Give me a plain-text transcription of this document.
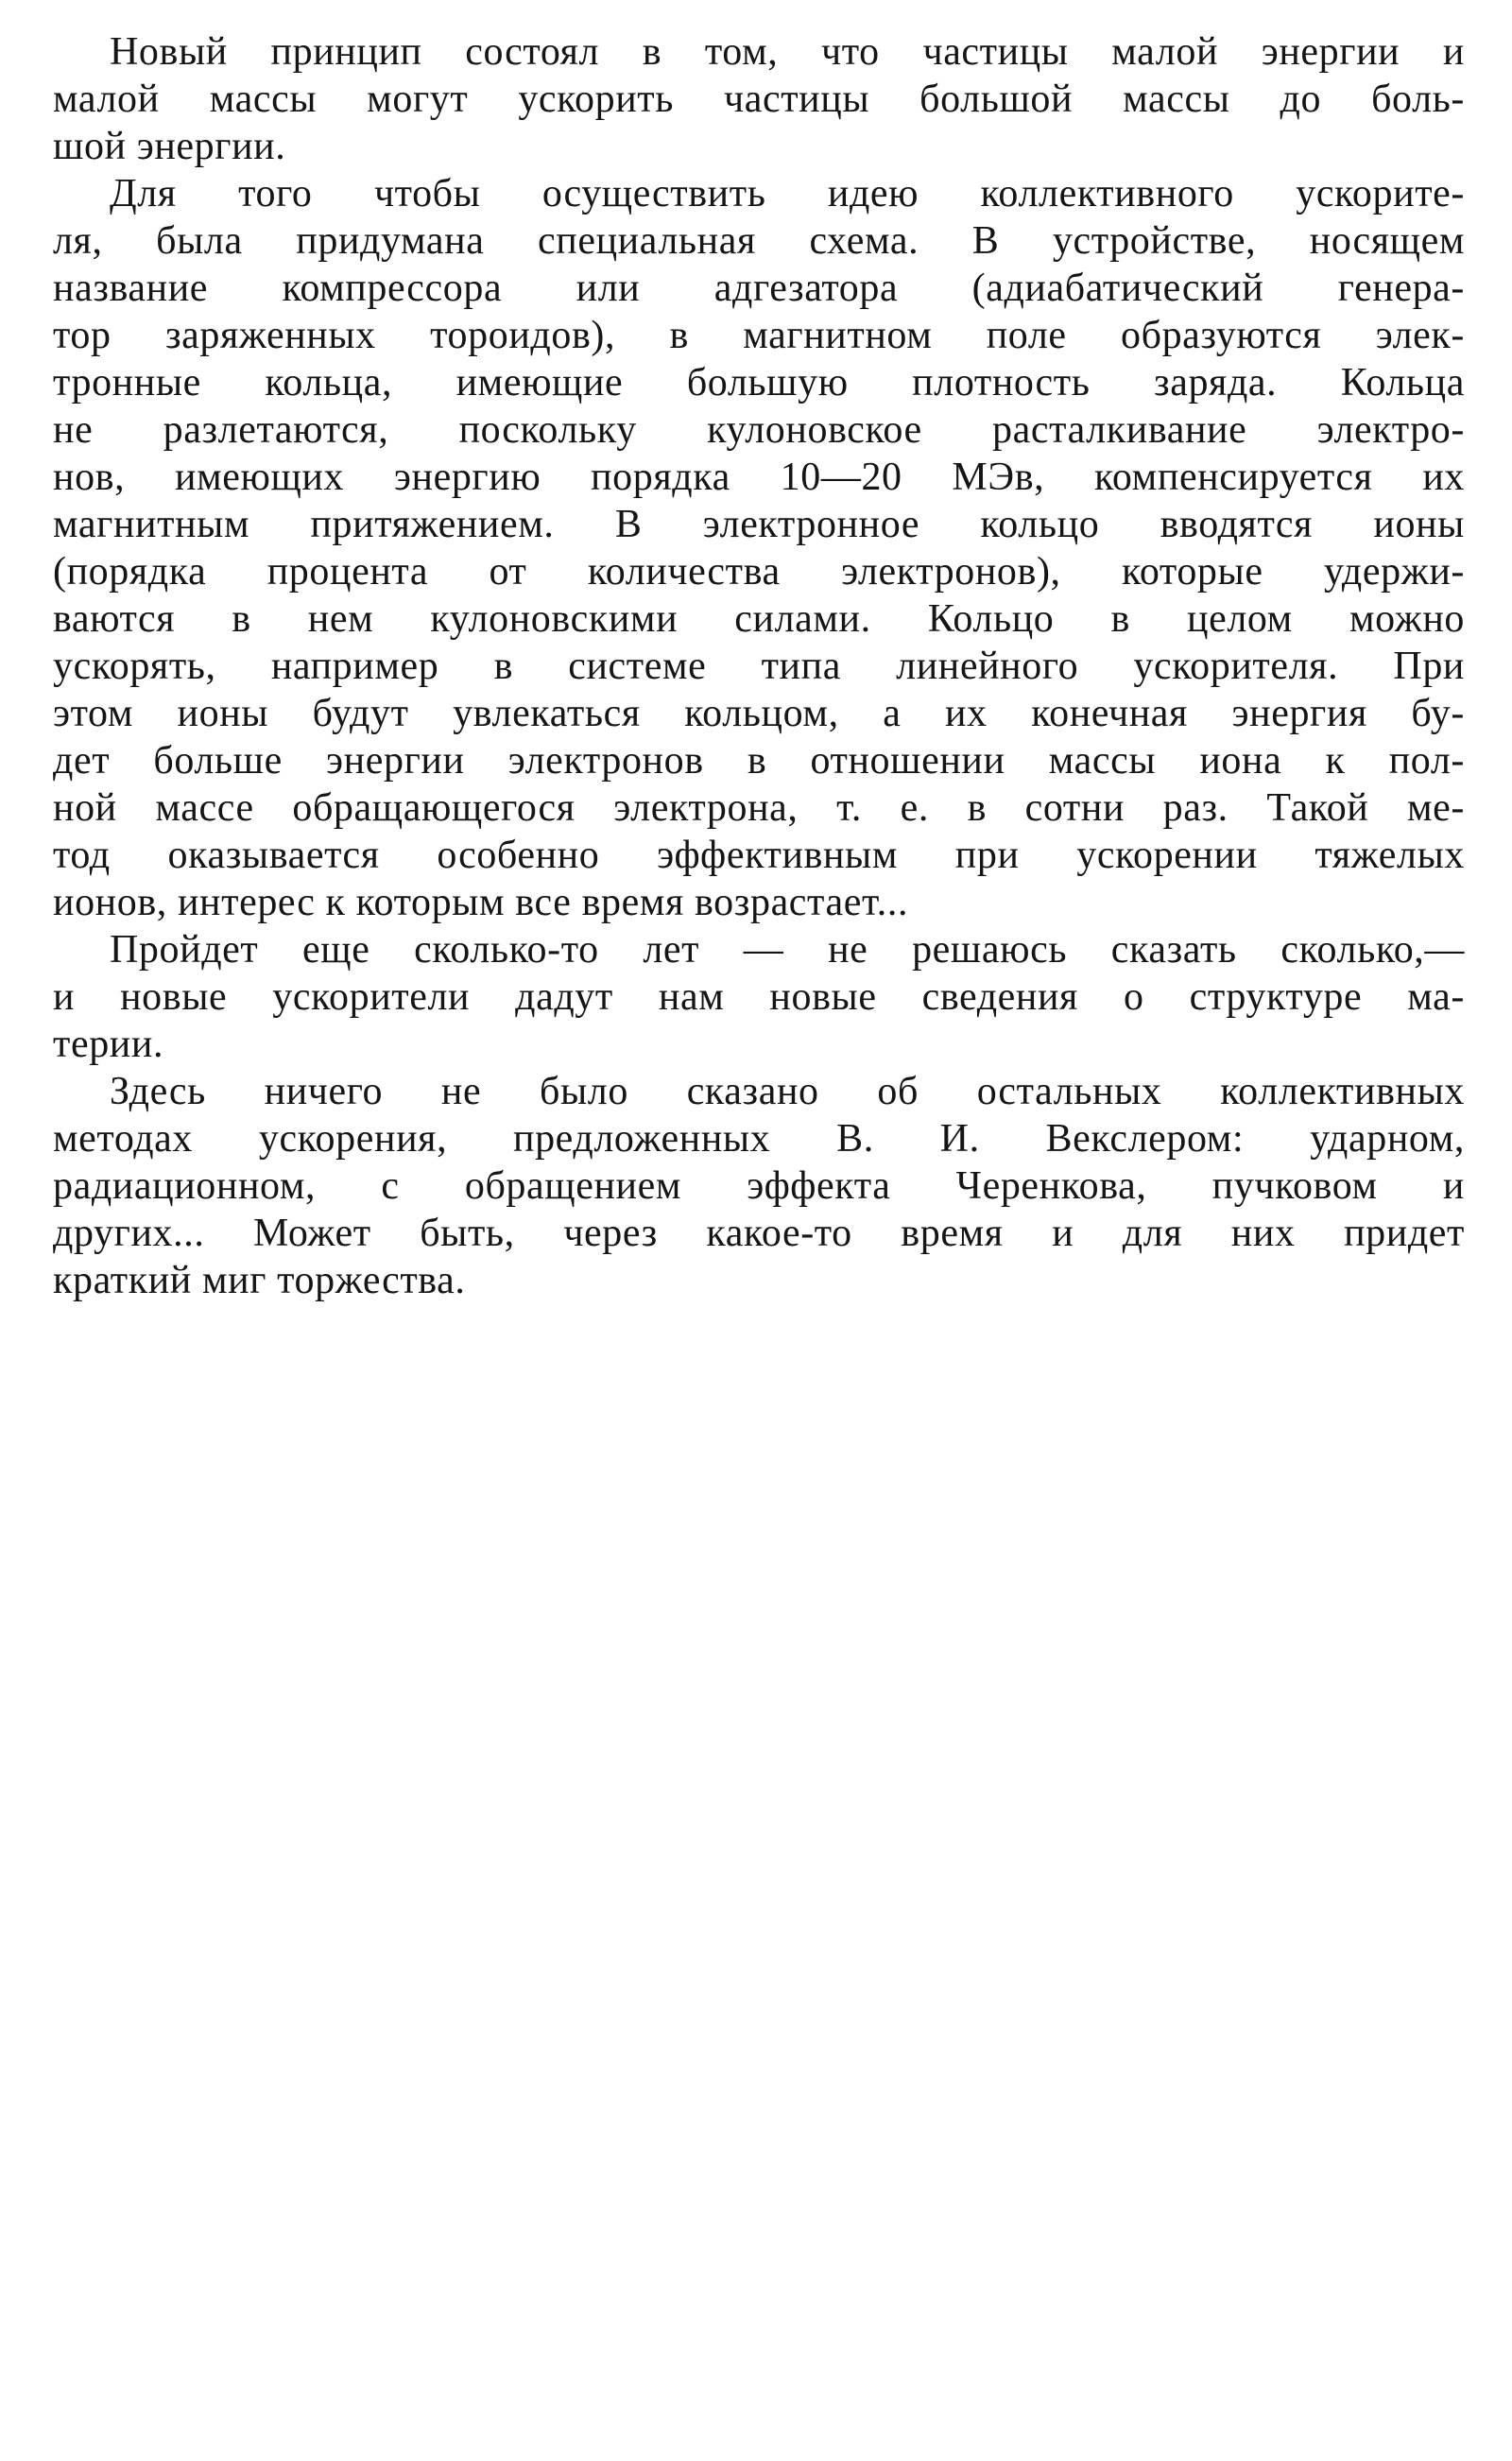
Новый принцип состоял в том, что частицы малой энергии и
малой массы могут ускорить частицы большой массы до боль-
шой энергии.
Для того чтобы осуществить идею коллективного ускорите-
ля, была придумана специальная схема. В устройстве, носящем
название компрессора или адгезатора (адиабатический генера-
тор заряженных тороидов), в магнитном поле образуются элек-
тронные кольца, имеющие большую плотность заряда. Кольца
не разлетаются, поскольку кулоновское расталкивание электро-
нов, имеющих энергию порядка 10—20 МЭв, компенсируется их
магнитным притяжением. В электронное кольцо вводятся ионы
(порядка процента от количества электронов), которые удержи-
ваются в нем кулоновскими силами. Кольцо в целом можно
ускорять, например в системе типа линейного ускорителя. При
этом ионы будут увлекаться кольцом, а их конечная энергия бу-
дет больше энергии электронов в отношении массы иона к пол-
ной массе обращающегося электрона, т. е. в сотни раз. Такой ме-
тод оказывается особенно эффективным при ускорении тяжелых
ионов, интерес к которым все время возрастает...
Пройдет еще сколько-то лет — не решаюсь сказать сколько,—
и новые ускорители дадут нам новые сведения о структуре ма-
терии.
Здесь ничего не было сказано об остальных коллективных
методах ускорения, предложенных В. И. Векслером: ударном,
радиационном, с обращением эффекта Черенкова, пучковом и
других... Может быть, через какое-то время и для них придет
краткий миг торжества.
